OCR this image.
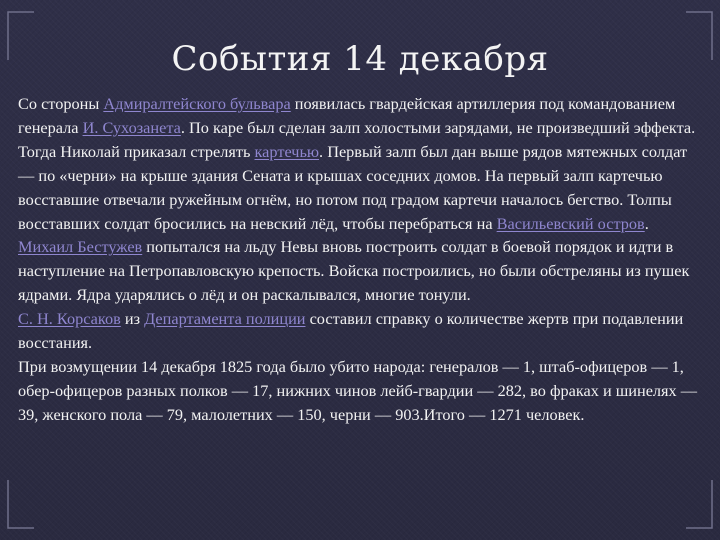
События 14 декабря

Со стороны Адмиралтейского бульвара появилась гвардейская артиллерия под командованием генерала И. Сухозанета. По каре был сделан залп холостыми зарядами, не произведший эффекта. Тогда Николай приказал стрелять картечью. Первый залп был дан выше рядов мятежных солдат — по «черни» на крыше здания Сената и крышах соседних домов. На первый залп картечью восставшие отвечали ружейным огнём, но потом под градом картечи началось бегство. Толпы восставших солдат бросились на невский лёд, чтобы перебраться на Васильевский остров. Михаил Бестужев попытался на льду Невы вновь построить солдат в боевой порядок и идти в наступление на Петропавловскую крепость. Войска построились, но были обстреляны из пушек ядрами. Ядра ударялись о лёд и он раскалывался, многие тонули.

С. Н. Корсаков из Департамента полиции составил справку о количестве жертв при подавлении восстания.

При возмущении 14 декабря 1825 года было убито народа: генералов — 1, штаб-офицеров — 1, обер-офицеров разных полков — 17, нижних чинов лейб-гвардии — 282, во фраках и шинелях — 39, женского пола — 79, малолетних — 150, черни — 903.Итого — 1271 человек.
